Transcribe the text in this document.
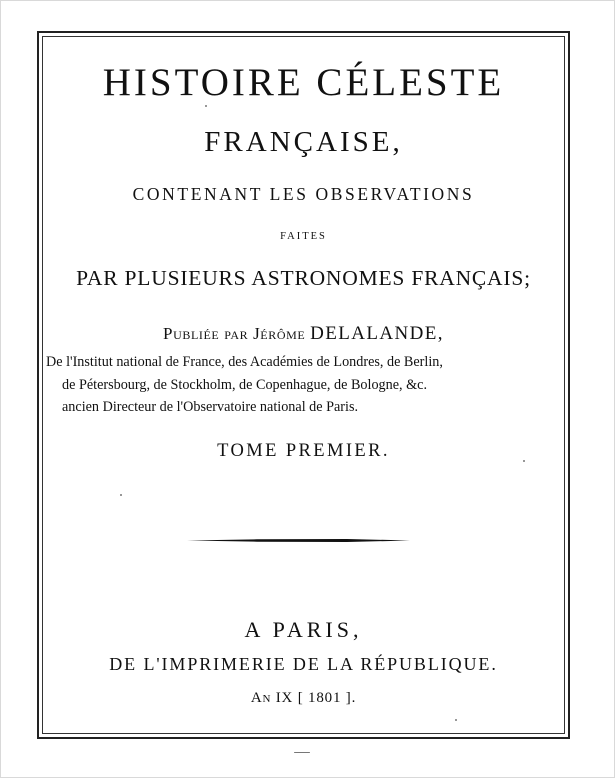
HISTOIRE CÉLESTE
FRANÇAISE,
CONTENANT LES OBSERVATIONS
FAITES
PAR PLUSIEURS ASTRONOMES FRANÇAIS;
Publiée par Jérôme DELALANDE,
De l'Institut national de France, des Académies de Londres, de Berlin,
de Pétersbourg, de Stockholm, de Copenhague, de Bologne, &c.
ancien Directeur de l'Observatoire national de Paris.
TOME PREMIER.
A PARIS,
DE L'IMPRIMERIE DE LA RÉPUBLIQUE.
An IX [ 1801 ].
